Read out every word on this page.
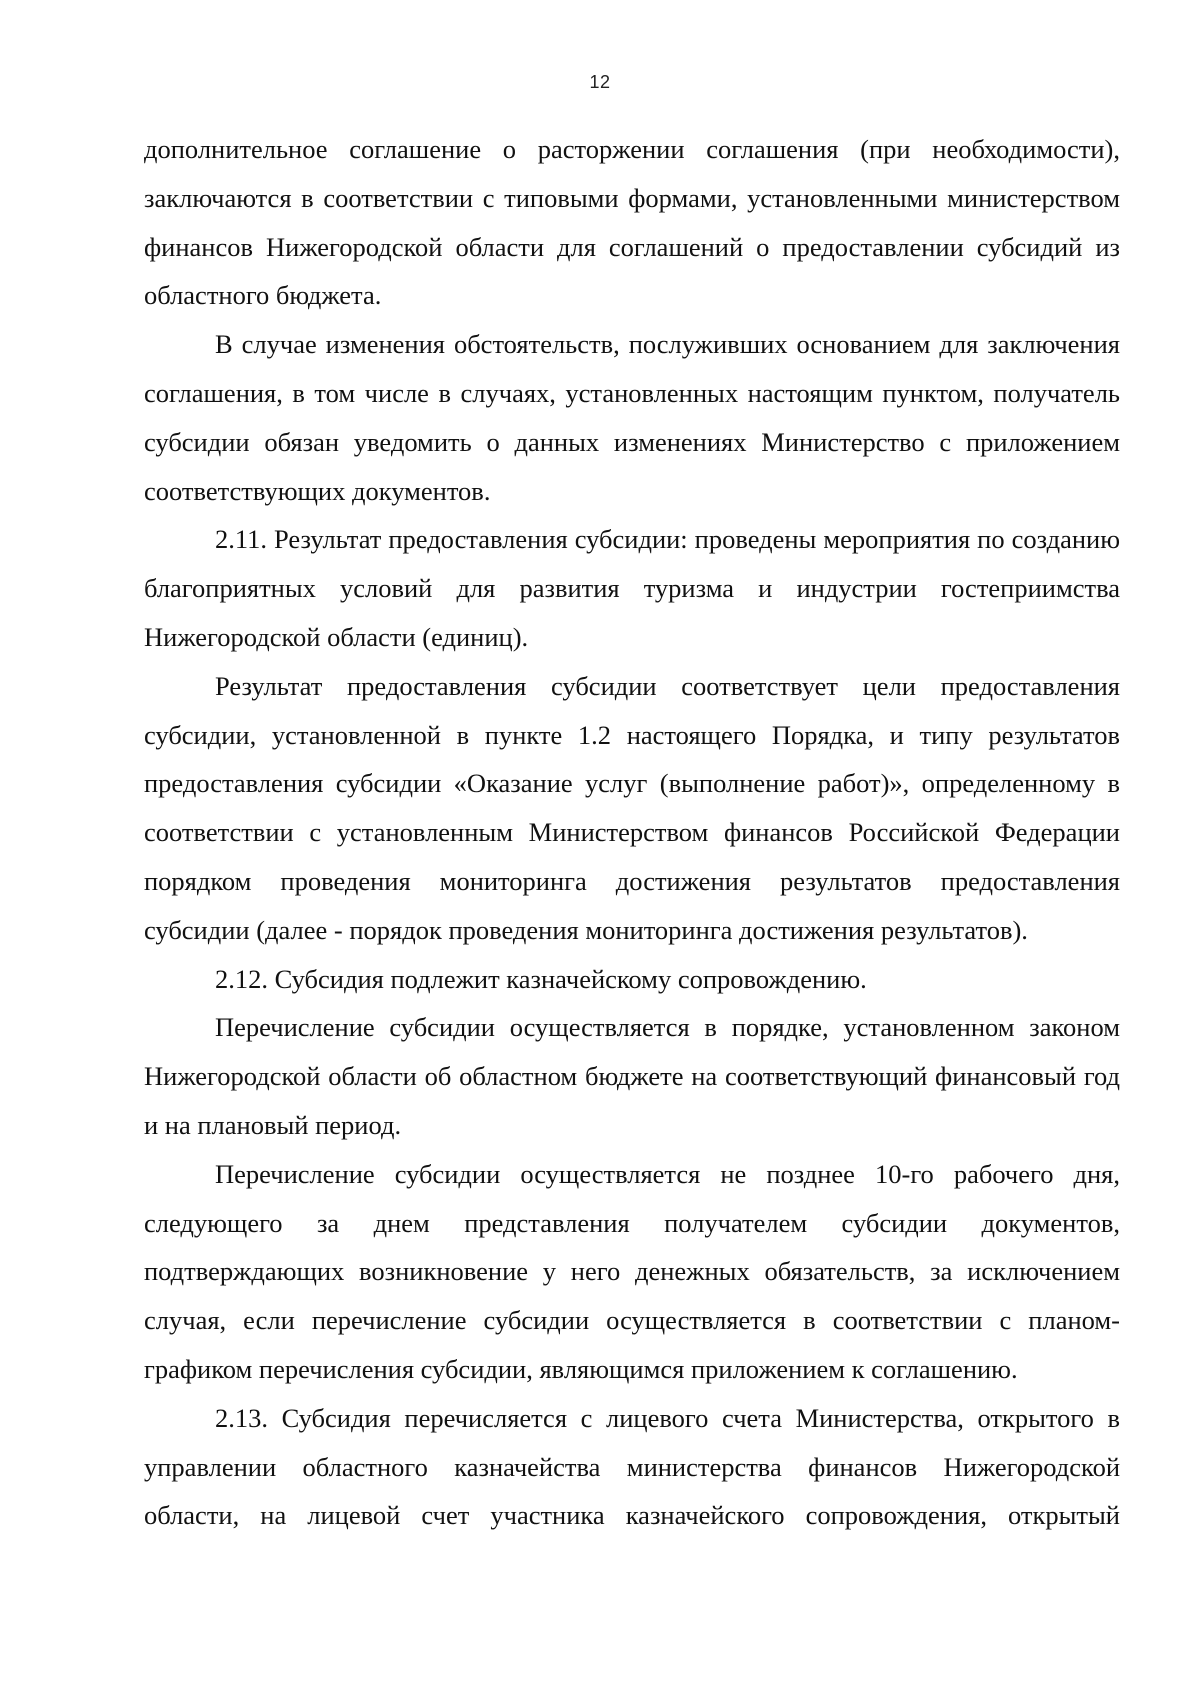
12

дополнительное соглашение о расторжении соглашения (при необходимости), заключаются в соответствии с типовыми формами, установленными министерством финансов Нижегородской области для соглашений о предоставлении субсидий из областного бюджета.

В случае изменения обстоятельств, послуживших основанием для заключения соглашения, в том числе в случаях, установленных настоящим пунктом, получатель субсидии обязан уведомить о данных изменениях Министерство с приложением соответствующих документов.

2.11. Результат предоставления субсидии: проведены мероприятия по созданию благоприятных условий для развития туризма и индустрии гостеприимства Нижегородской области (единиц).

Результат предоставления субсидии соответствует цели предоставления субсидии, установленной в пункте 1.2 настоящего Порядка, и типу результатов предоставления субсидии «Оказание услуг (выполнение работ)», определенному в соответствии с установленным Министерством финансов Российской Федерации порядком проведения мониторинга достижения результатов предоставления субсидии (далее - порядок проведения мониторинга достижения результатов).

2.12. Субсидия подлежит казначейскому сопровождению.

Перечисление субсидии осуществляется в порядке, установленном законом Нижегородской области об областном бюджете на соответствующий финансовый год и на плановый период.

Перечисление субсидии осуществляется не позднее 10-го рабочего дня, следующего за днем представления получателем субсидии документов, подтверждающих возникновение у него денежных обязательств, за исключением случая, если перечисление субсидии осуществляется в соответствии с планом-графиком перечисления субсидии, являющимся приложением к соглашению.

2.13. Субсидия перечисляется с лицевого счета Министерства, открытого в управлении областного казначейства министерства финансов Нижегородской области, на лицевой счет участника казначейского сопровождения, открытый
